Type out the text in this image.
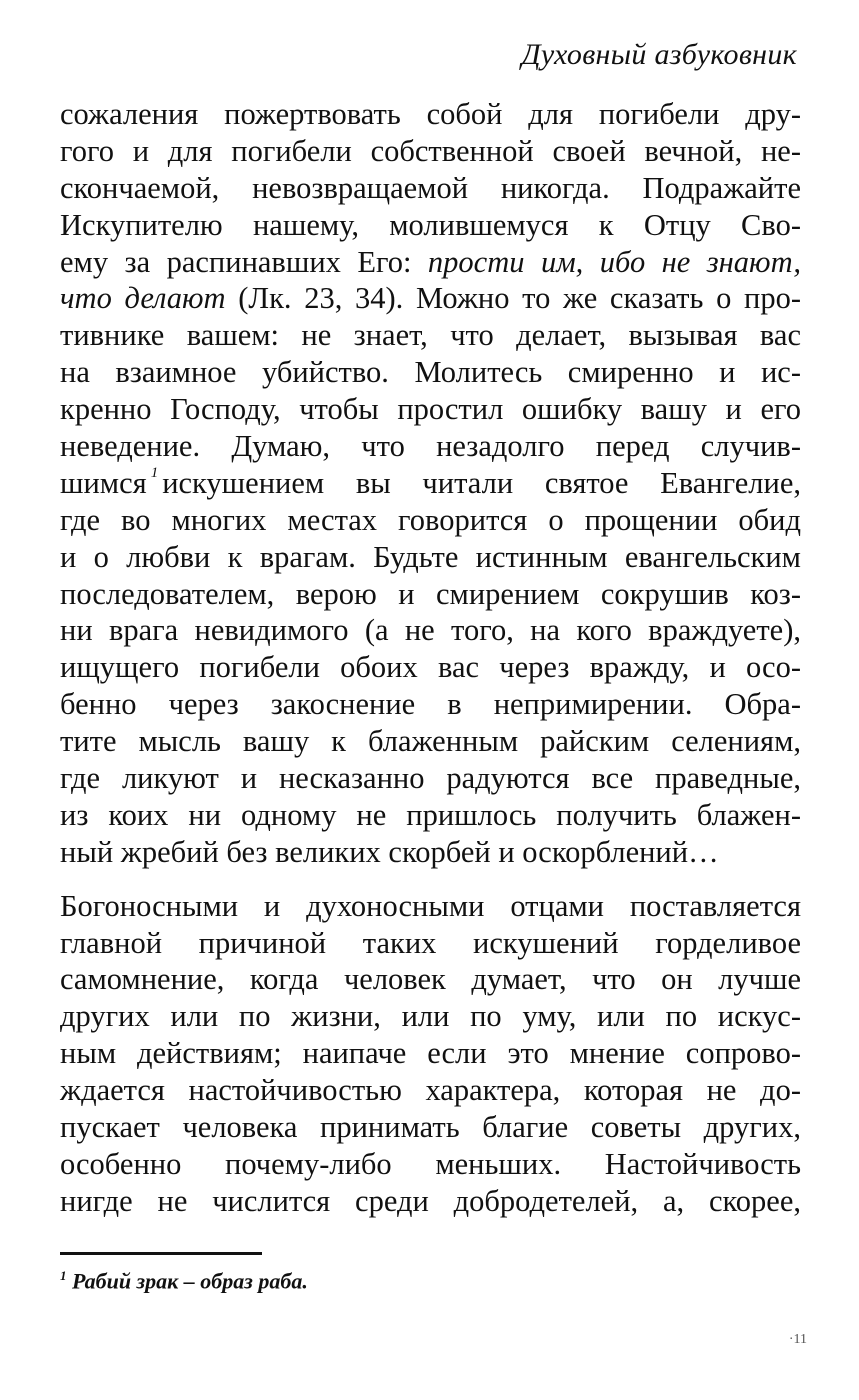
Духовный азбуковник
сожаления пожертвовать собой для погибели дру-
гого и для погибели собственной своей вечной, не-
скончаемой, невозвращаемой никогда. Подражайте
Искупителю нашему, молившемуся к Отцу Сво-
ему за распинавших Его: прости им, ибо не знают,
что делают (Лк. 23, 34). Можно то же сказать о про-
тивнике вашем: не знает, что делает, вызывая вас
на взаимное убийство. Молитесь смиренно и ис-
кренно Господу, чтобы простил ошибку вашу и его
неведение. Думаю, что незадолго перед случив-
шимся $^1$ искушением вы читали святое Евангелие,
где во многих местах говорится о прощении обид
и о любви к врагам. Будьте истинным евангельским
последователем, верою и смирением сокрушив коз-
ни врага невидимого (а не того, на кого враждуете),
ищущего погибели обоих вас через вражду, и осо-
бенно через закоснение в непримирении. Обра-
тите мысль вашу к блаженным райским селениям,
где ликуют и несказанно радуются все праведные,
из коих ни одному не пришлось получить блажен-
ный жребий без великих скорбей и оскорблений…
Богоносными и духоносными отцами поставляется
главной причиной таких искушений горделивое
самомнение, когда человек думает, что он лучше
других или по жизни, или по уму, или по искус-
ным действиям; наипаче если это мнение сопрово-
ждается настойчивостью характера, которая не до-
пускает человека принимать благие советы других,
особенно почему-либо меньших. Настойчивость
нигде не числится среди добродетелей, а, скорее,
$^1$ Рабий зрак – образ раба.
·11
